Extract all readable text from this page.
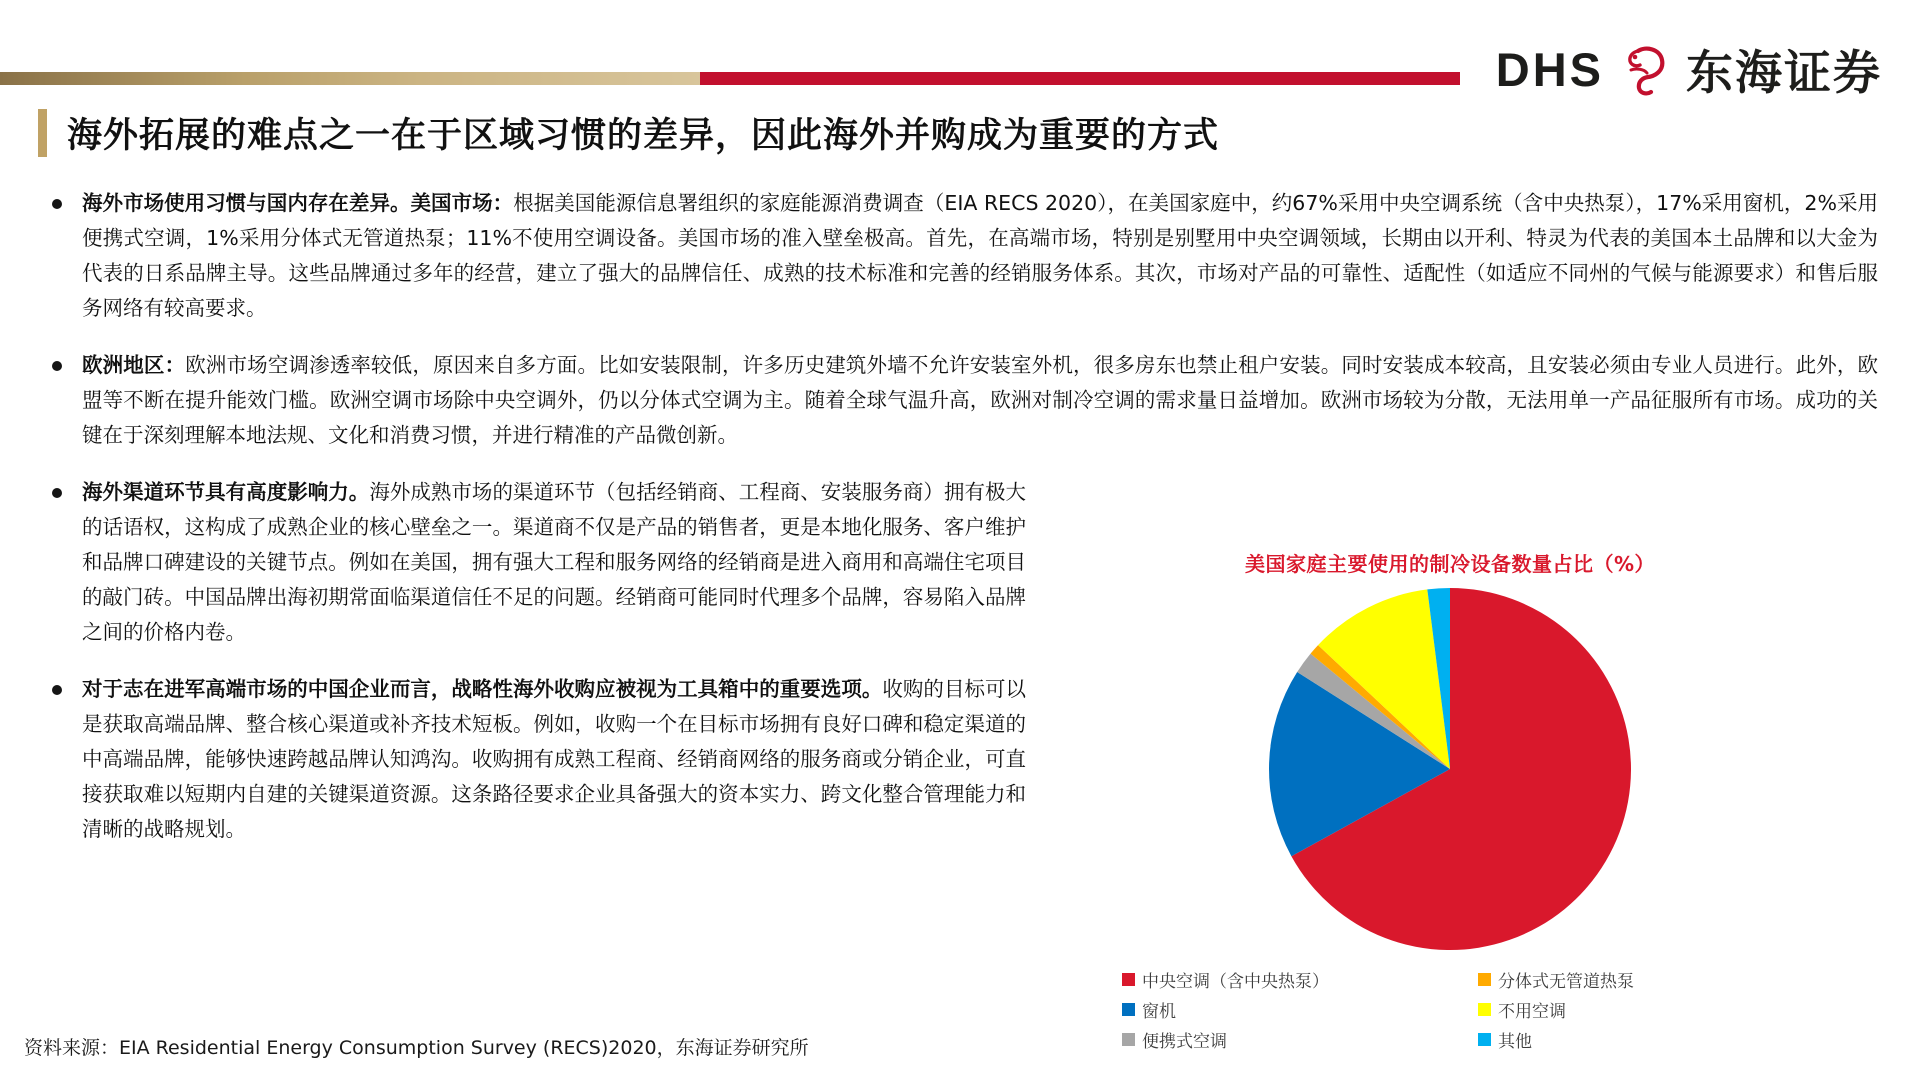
DHS 东海证券
海外拓展的难点之一在于区域习惯的差异，因此海外并购成为重要的方式
海外市场使用习惯与国内存在差异。美国市场：根据美国能源信息署组织的家庭能源消费调查（EIA RECS 2020），在美国家庭中，约67%采用中央空调系统（含中央热泵），17%采用窗机，2%采用便携式空调，1%采用分体式无管道热泵；11%不使用空调设备。美国市场的准入壁垒极高。首先，在高端市场，特别是别墅用中央空调领域，长期由以开利、特灵为代表的美国本土品牌和以大金为代表的日系品牌主导。这些品牌通过多年的经营，建立了强大的品牌信任、成熟的技术标准和完善的经销服务体系。其次，市场对产品的可靠性、适配性（如适应不同州的气候与能源要求）和售后服务网络有较高要求。
欧洲地区：欧洲市场空调渗透率较低，原因来自多方面。比如安装限制，许多历史建筑外墙不允许安装室外机，很多房东也禁止租户安装。同时安装成本较高，且安装必须由专业人员进行。此外，欧盟等不断在提升能效门槛。欧洲空调市场除中央空调外，仍以分体式空调为主。随着全球气温升高，欧洲对制冷空调的需求量日益增加。欧洲市场较为分散，无法用单一产品征服所有市场。成功的关键在于深刻理解本地法规、文化和消费习惯，并进行精准的产品微创新。
海外渠道环节具有高度影响力。海外成熟市场的渠道环节（包括经销商、工程商、安装服务商）拥有极大的话语权，这构成了成熟企业的核心壁垒之一。渠道商不仅是产品的销售者，更是本地化服务、客户维护和品牌口碑建设的关键节点。例如在美国，拥有强大工程和服务网络的经销商是进入商用和高端住宅项目的敲门砖。中国品牌出海初期常面临渠道信任不足的问题。经销商可能同时代理多个品牌，容易陷入品牌之间的价格内卷。
对于志在进军高端市场的中国企业而言，战略性海外收购应被视为工具箱中的重要选项。收购的目标可以是获取高端品牌、整合核心渠道或补齐技术短板。例如，收购一个在目标市场拥有良好口碑和稳定渠道的中高端品牌，能够快速跨越品牌认知鸿沟。收购拥有成熟工程商、经销商网络的服务商或分销企业，可直接获取难以短期内自建的关键渠道资源。这条路径要求企业具备强大的资本实力、跨文化整合管理能力和清晰的战略规划。
美国家庭主要使用的制冷设备数量占比（%）
中央空调（含中央热泵）	分体式无管道热泵
窗机	不用空调
便携式空调	其他
资料来源：EIA Residential Energy Consumption Survey (RECS)2020，东海证券研究所
